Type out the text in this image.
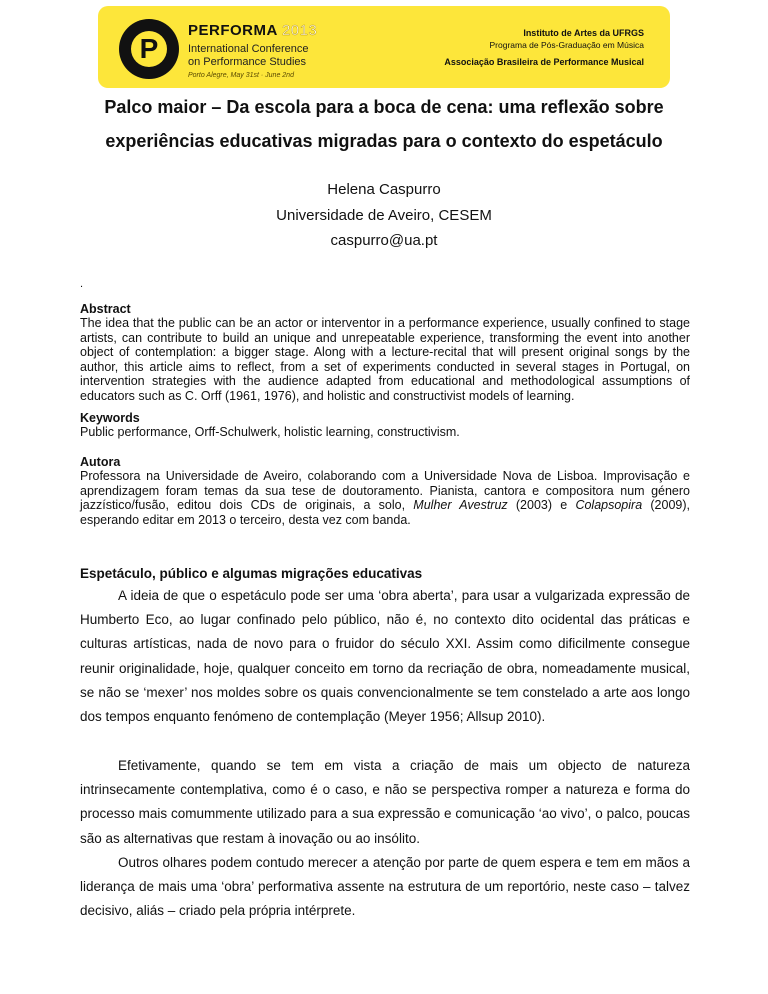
P
PERFORMA 2013
International Conference
on Performance Studies
Porto Alegre, May 31st · June 2nd
Instituto de Artes da UFRGS
Programa de Pós-Graduação em Música
Associação Brasileira de Performance Musical
Palco maior – Da escola para a boca de cena: uma reflexão sobre
experiências educativas migradas para o contexto do espetáculo
Helena Caspurro
Universidade de Aveiro, CESEM
caspurro@ua.pt
.
Abstract
The idea that the public can be an actor or interventor in a performance experience, usually confined to stage artists, can contribute to build an unique and unrepeatable experience, transforming the event into another object of contemplation: a bigger stage. Along with a lecture-recital that will present original songs by the author, this article aims to reflect, from a set of experiments conducted in several stages in Portugal, on intervention strategies with the audience adapted from educational and methodological assumptions of educators such as C. Orff (1961, 1976), and holistic and constructivist models of learning.
Keywords
Public performance, Orff-Schulwerk, holistic learning, constructivism.
Autora
Professora na Universidade de Aveiro, colaborando com a Universidade Nova de Lisboa. Improvisação e aprendizagem foram temas da sua tese de doutoramento. Pianista, cantora e compositora num género jazzístico/fusão, editou dois CDs de originais, a solo, Mulher Avestruz (2003) e Colapsopira (2009), esperando editar em 2013 o terceiro, desta vez com banda.
Espetáculo, público e algumas migrações educativas
A ideia de que o espetáculo pode ser uma ‘obra aberta’, para usar a vulgarizada expressão de Humberto Eco, ao lugar confinado pelo público, não é, no contexto dito ocidental das práticas e culturas artísticas, nada de novo para o fruidor do século XXI. Assim como dificilmente consegue reunir originalidade, hoje, qualquer conceito em torno da recriação de obra, nomeadamente musical, se não se ‘mexer’ nos moldes sobre os quais convencionalmente se tem constelado a arte aos longo dos tempos enquanto fenómeno de contemplação (Meyer 1956; Allsup 2010).
Efetivamente, quando se tem em vista a criação de mais um objecto de natureza intrinsecamente contemplativa, como é o caso, e não se perspectiva romper a natureza e forma do processo mais comummente utilizado para a sua expressão e comunicação ‘ao vivo’, o palco, poucas são as alternativas que restam à inovação ou ao insólito.
Outros olhares podem contudo merecer a atenção por parte de quem espera e tem em mãos a liderança de mais uma ‘obra’ performativa assente na estrutura de um reportório, neste caso – talvez decisivo, aliás – criado pela própria intérprete.
